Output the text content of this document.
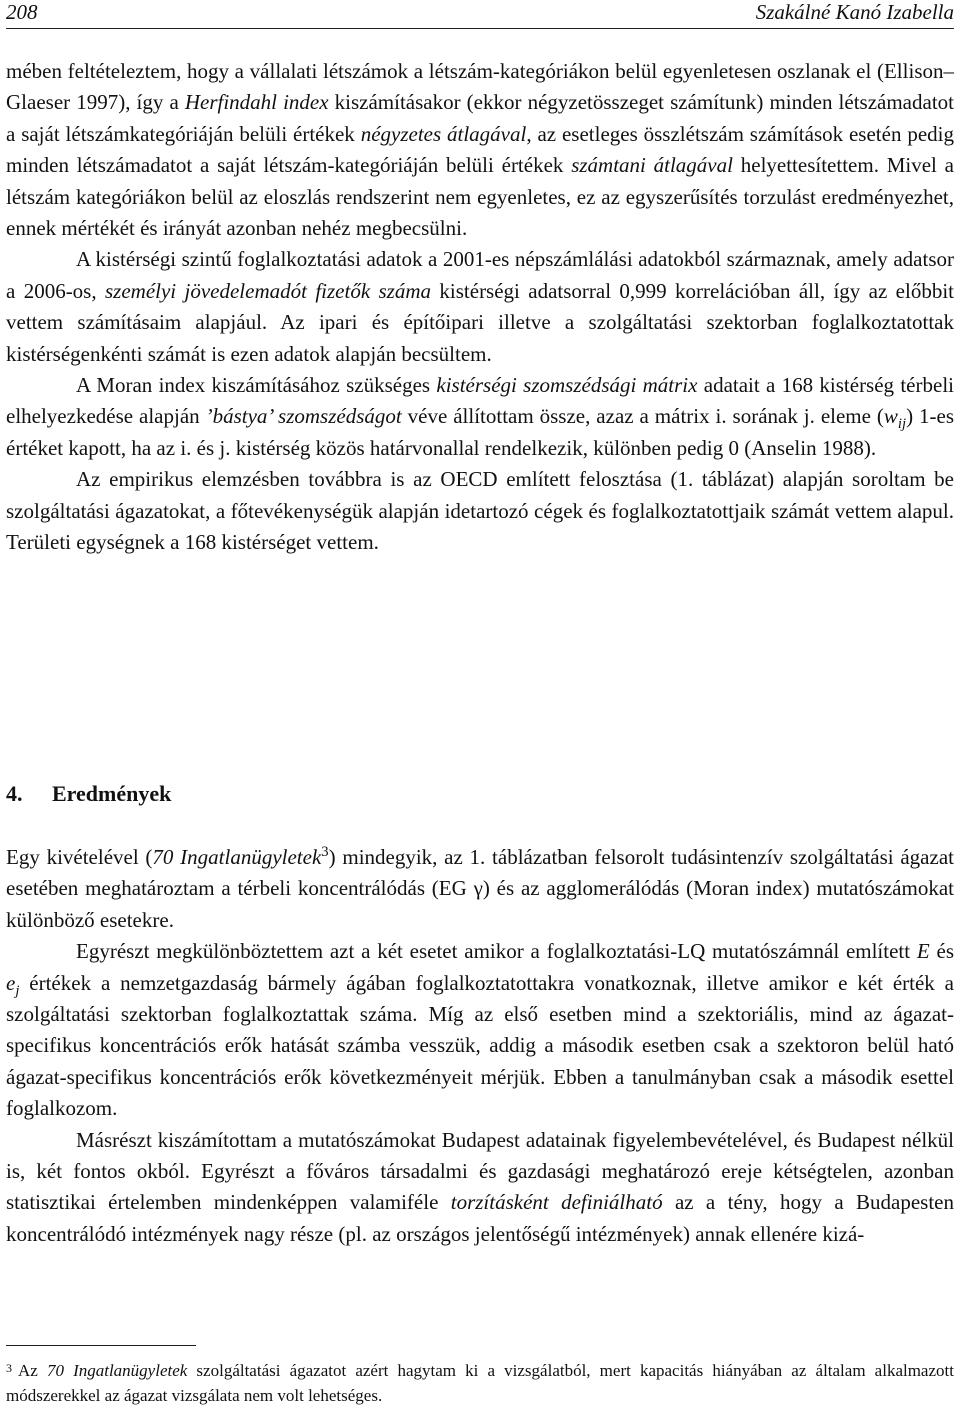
208	Szakálné Kanó Izabella

mében feltételeztem, hogy a vállalati létszámok a létszám-kategóriákon belül egyenletesen oszlanak el (Ellison–Glaeser 1997), így a Herfindahl index kiszámításakor (ekkor négyzetösszeget számítunk) minden létszámadatot a saját létszámkategóriáján belüli értékek négyzetes átlagával, az esetleges összlétszám számítások esetén pedig minden létszámadatot a saját létszám-kategóriáján belüli értékek számtani átlagával helyettesítettem. Mivel a létszám kategóriákon belül az eloszlás rendszerint nem egyenletes, ez az egyszerűsítés torzulást eredményezhet, ennek mértékét és irányát azonban nehéz megbecsülni.

A kistérségi szintű foglalkoztatási adatok a 2001-es népszámlálási adatokból származnak, amely adatsor a 2006-os, személyi jövedelemadót fizetők száma kistérségi adatsorral 0,999 korrelációban áll, így az előbbit vettem számításaim alapjául. Az ipari és építőipari illetve a szolgáltatási szektorban foglalkoztatottak kistérségenkénti számát is ezen adatok alapján becsültem.

A Moran index kiszámításához szükséges kistérségi szomszédsági mátrix adatait a 168 kistérség térbeli elhelyezkedése alapján ’bástya’ szomszédságot véve állítottam össze, azaz a mátrix i. sorának j. eleme $(w_{ij})$ 1-es értéket kapott, ha az i. és j. kistérség közös határvonallal rendelkezik, különben pedig 0 (Anselin 1988).

Az empirikus elemzésben továbbra is az OECD említett felosztása (1. táblázat) alapján soroltam be szolgáltatási ágazatokat, a főtevékenységük alapján idetartozó cégek és foglalkoztatottjaik számát vettem alapul. Területi egységnek a 168 kistérséget vettem.

4. Eredmények

Egy kivételével (70 Ingatlanügyletek$^3$) mindegyik, az 1. táblázatban felsorolt tudásintenzív szolgáltatási ágazat esetében meghatároztam a térbeli koncentrálódás (EG γ) és az agglomerálódás (Moran index) mutatószámokat különböző esetekre.

Egyrészt megkülönböztettem azt a két esetet amikor a foglalkoztatási-LQ mutatószámnál említett E és $e_j$ értékek a nemzetgazdaság bármely ágában foglalkoztatottakra vonatkoznak, illetve amikor e két érték a szolgáltatási szektorban foglalkoztattak száma. Míg az első esetben mind a szektoriális, mind az ágazat-specifikus koncentrációs erők hatását számba vesszük, addig a második esetben csak a szektoron belül ható ágazat-specifikus koncentrációs erők következményeit mérjük. Ebben a tanulmányban csak a második esettel foglalkozom.

Másrészt kiszámítottam a mutatószámokat Budapest adatainak figyelembevételével, és Budapest nélkül is, két fontos okból. Egyrészt a főváros társadalmi és gazdasági meghatározó ereje kétségtelen, azonban statisztikai értelemben mindenképpen valamiféle torzításként definiálható az a tény, hogy a Budapesten koncentrálódó intézmények nagy része (pl. az országos jelentőségű intézmények) annak ellenére kizá-

$^3$ Az 70 Ingatlanügyletek szolgáltatási ágazatot azért hagytam ki a vizsgálatból, mert kapacitás hiányában az általam alkalmazott módszerekkel az ágazat vizsgálata nem volt lehetséges.
